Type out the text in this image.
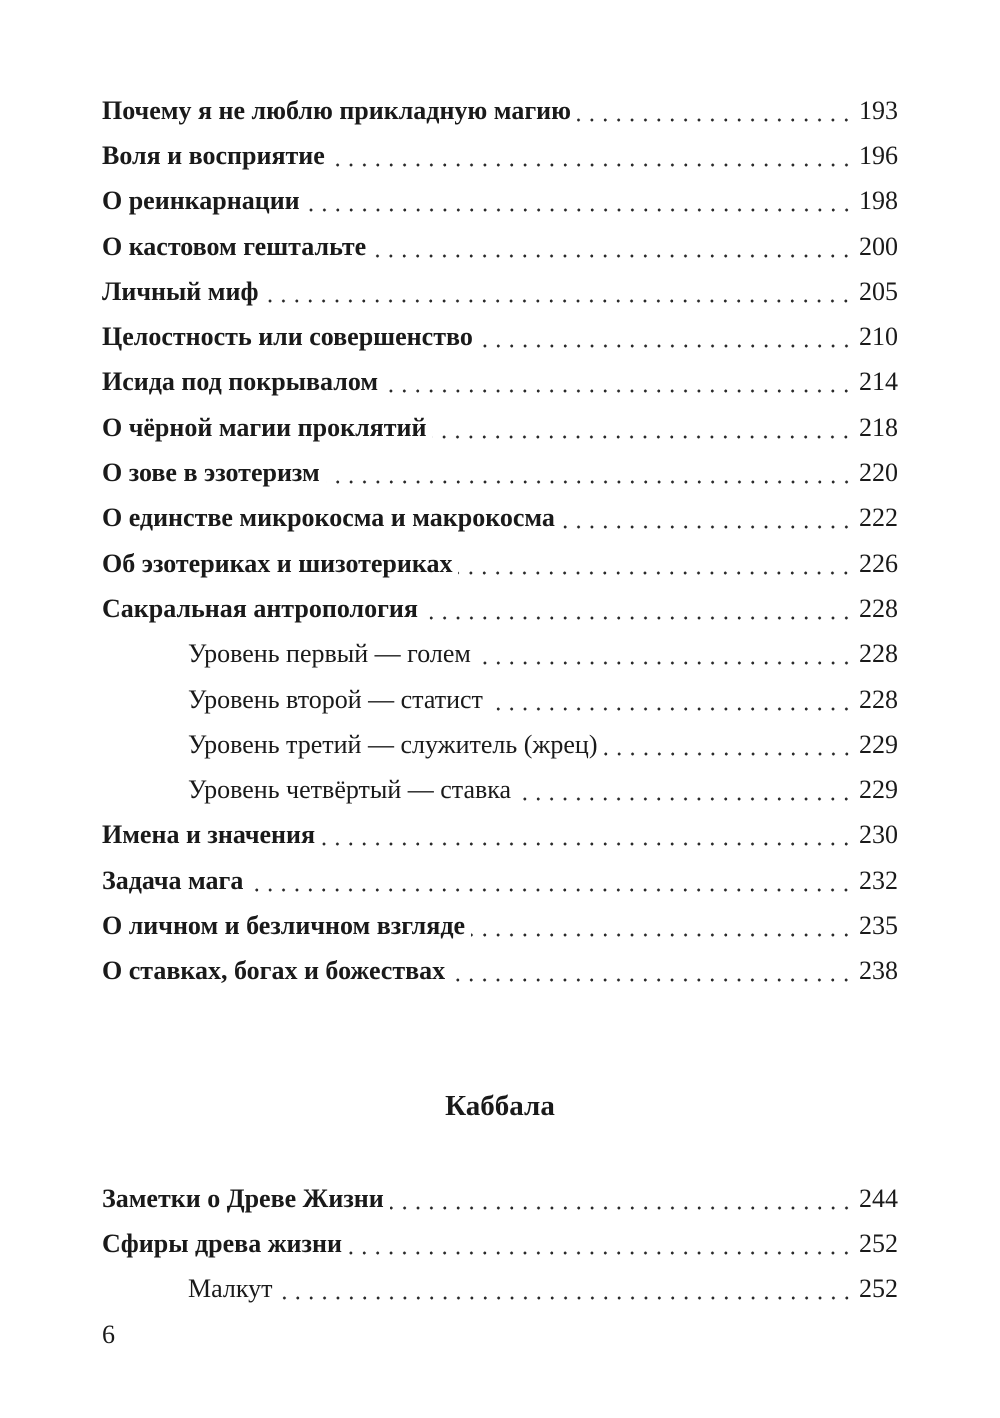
Почему я не люблю прикладную магию	193
Воля и восприятие	196
О реинкарнации	198
О кастовом гештальте	200
Личный миф	205
Целостность или совершенство	210
Исида под покрывалом	214
О чёрной магии проклятий	218
О зове в эзотеризм	220
О единстве микрокосма и макрокосма	222
Об эзотериках и шизотериках	226
Сакральная антропология	228
Уровень первый — голем	228
Уровень второй — статист	228
Уровень третий — служитель (жрец)	229
Уровень четвёртый — ставка	229
Имена и значения	230
Задача мага	232
О личном и безличном взгляде	235
О ставках, богах и божествах	238
Каббала
Заметки о Древе Жизни	244
Сфиры древа жизни	252
Малкут	252
6
